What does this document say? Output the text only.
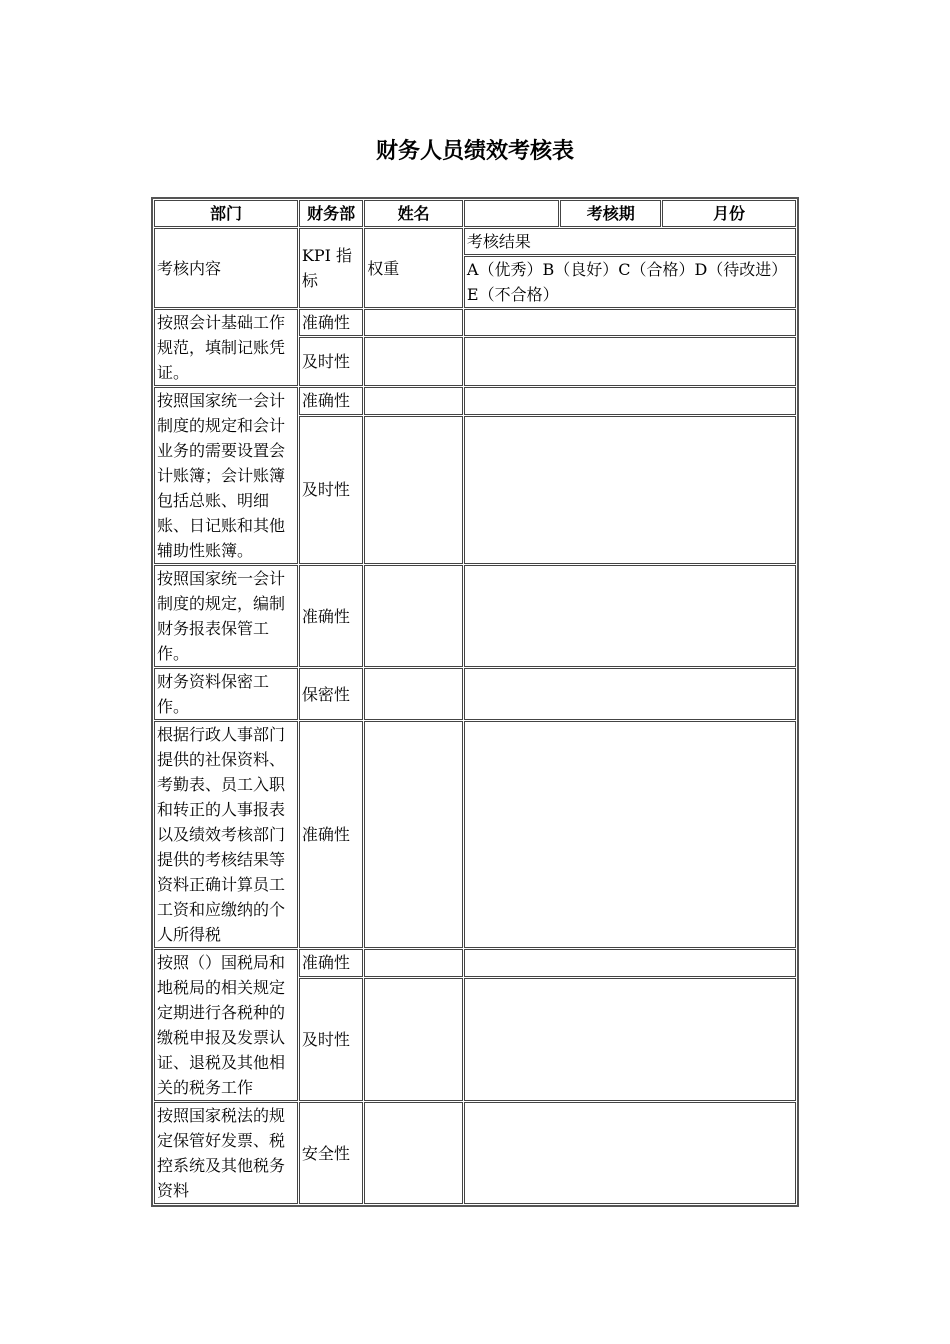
财务人员绩效考核表
部门	财务部	姓名		考核期	月份
考核内容	KPI 指标	权重	考核结果		
			A（优秀）B（良好）C（合格）D（待改进）E（不合格）		
按照会计基础工作规范，填制记账凭证。	准确性				
	及时性				
按照国家统一会计制度的规定和会计业务的需要设置会计账簿；会计账簿包括总账、明细账、日记账和其他辅助性账簿。	准确性				
	及时性				
按照国家统一会计制度的规定，编制财务报表保管工作。	准确性				
财务资料保密工作。	保密性				
根据行政人事部门提供的社保资料、考勤表、员工入职和转正的人事报表以及绩效考核部门提供的考核结果等资料正确计算员工工资和应缴纳的个人所得税	准确性				
按照（）国税局和地税局的相关规定定期进行各税种的缴税申报及发票认证、退税及其他相关的税务工作	准确性				
	及时性				
按照国家税法的规定保管好发票、税控系统及其他税务资料	安全性				
